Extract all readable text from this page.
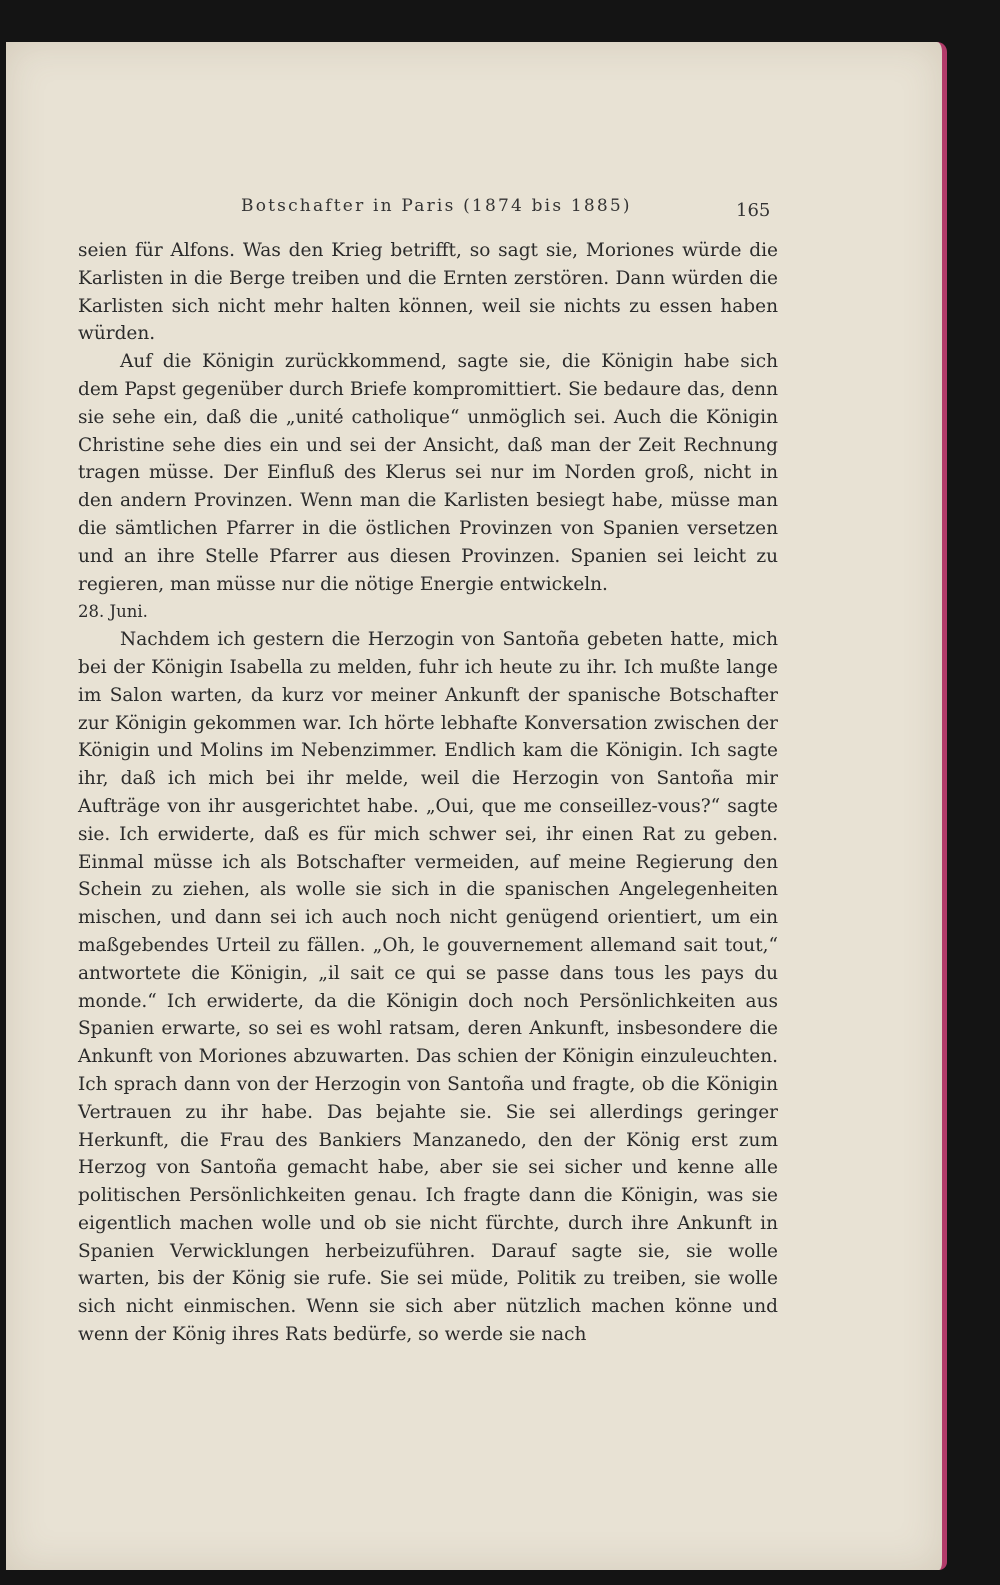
Botschafter in Paris (1874 bis 1885)	165

seien für Alfons. Was den Krieg betrifft, so sagt sie, Moriones würde die Karlisten in die Berge treiben und die Ernten zerstören. Dann würden die Karlisten sich nicht mehr halten können, weil sie nichts zu essen haben würden.

Auf die Königin zurückkommend, sagte sie, die Königin habe sich dem Papst gegenüber durch Briefe kompromittiert. Sie bedaure das, denn sie sehe ein, daß die „unité catholique“ unmöglich sei. Auch die Königin Christine sehe dies ein und sei der Ansicht, daß man der Zeit Rechnung tragen müsse. Der Einfluß des Klerus sei nur im Norden groß, nicht in den andern Provinzen. Wenn man die Karlisten besiegt habe, müsse man die sämtlichen Pfarrer in die östlichen Provinzen von Spanien versetzen und an ihre Stelle Pfarrer aus diesen Provinzen. Spanien sei leicht zu regieren, man müsse nur die nötige Energie entwickeln.

28. Juni.

Nachdem ich gestern die Herzogin von Santoña gebeten hatte, mich bei der Königin Isabella zu melden, fuhr ich heute zu ihr. Ich mußte lange im Salon warten, da kurz vor meiner Ankunft der spanische Botschafter zur Königin gekommen war. Ich hörte lebhafte Konversation zwischen der Königin und Molins im Nebenzimmer. Endlich kam die Königin. Ich sagte ihr, daß ich mich bei ihr melde, weil die Herzogin von Santoña mir Aufträge von ihr ausgerichtet habe. „Oui, que me conseillez-vous?“ sagte sie. Ich erwiderte, daß es für mich schwer sei, ihr einen Rat zu geben. Einmal müsse ich als Botschafter vermeiden, auf meine Regierung den Schein zu ziehen, als wolle sie sich in die spanischen Angelegenheiten mischen, und dann sei ich auch noch nicht genügend orientiert, um ein maßgebendes Urteil zu fällen. „Oh, le gouvernement allemand sait tout,“ antwortete die Königin, „il sait ce qui se passe dans tous les pays du monde.“ Ich erwiderte, da die Königin doch noch Persönlichkeiten aus Spanien erwarte, so sei es wohl ratsam, deren Ankunft, insbesondere die Ankunft von Moriones abzuwarten. Das schien der Königin einzuleuchten. Ich sprach dann von der Herzogin von Santoña und fragte, ob die Königin Vertrauen zu ihr habe. Das bejahte sie. Sie sei allerdings geringer Herkunft, die Frau des Bankiers Manzanedo, den der König erst zum Herzog von Santoña gemacht habe, aber sie sei sicher und kenne alle politischen Persönlichkeiten genau. Ich fragte dann die Königin, was sie eigentlich machen wolle und ob sie nicht fürchte, durch ihre Ankunft in Spanien Verwicklungen herbeizuführen. Darauf sagte sie, sie wolle warten, bis der König sie rufe. Sie sei müde, Politik zu treiben, sie wolle sich nicht einmischen. Wenn sie sich aber nützlich machen könne und wenn der König ihres Rats bedürfe, so werde sie nach
